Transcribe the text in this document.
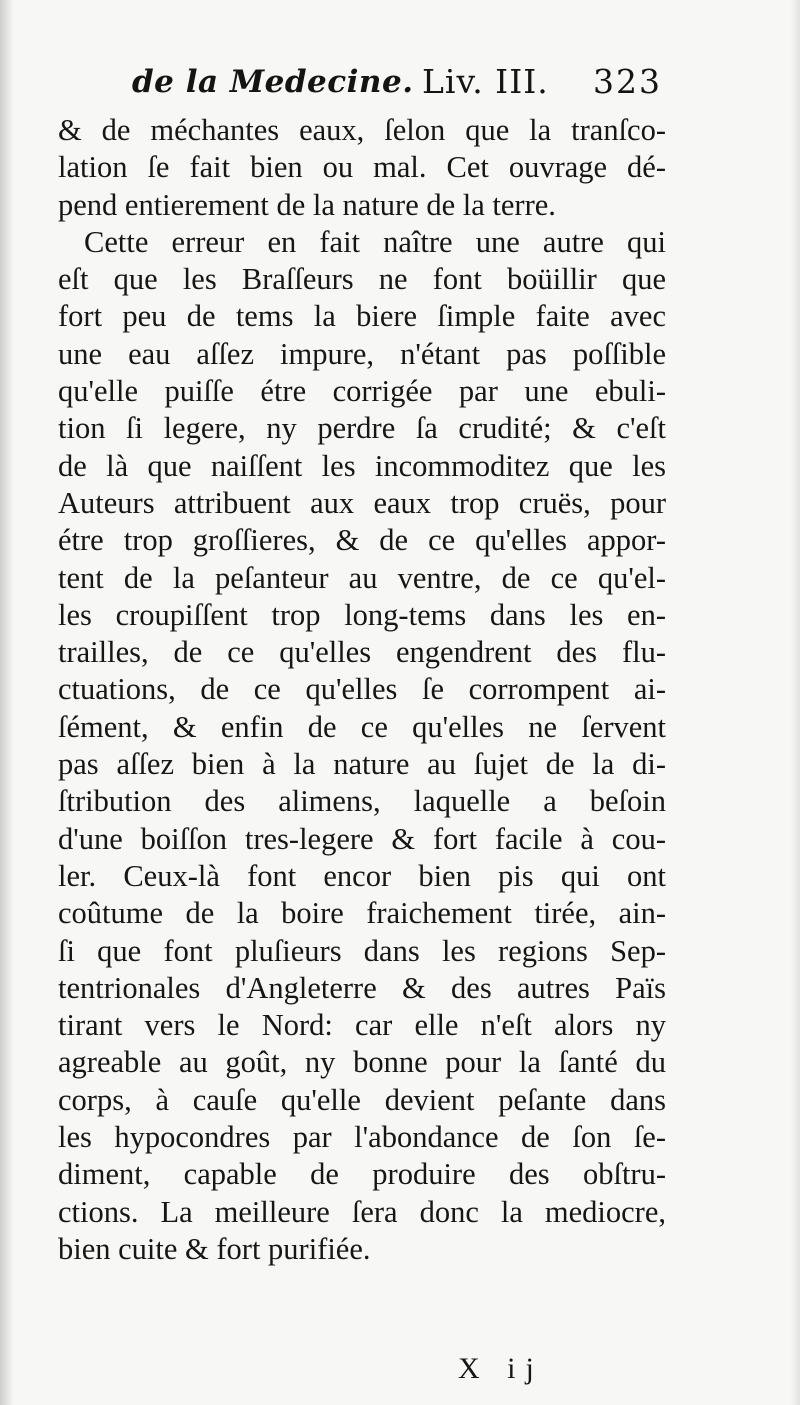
de la Medecine. Liv. III. 323
& de méchantes eaux, ſelon que la tranſco-
lation ſe fait bien ou mal. Cet ouvrage dé-
pend entierement de la nature de la terre.
Cette erreur en fait naître une autre qui
eſt que les Braſſeurs ne font boüillir que
fort peu de tems la biere ſimple faite avec
une eau aſſez impure, n'étant pas poſſible
qu'elle puiſſe étre corrigée par une ebuli-
tion ſi legere, ny perdre ſa crudité; & c'eſt
de là que naiſſent les incommoditez que les
Auteurs attribuent aux eaux trop cruës, pour
étre trop groſſieres, & de ce qu'elles appor-
tent de la peſanteur au ventre, de ce qu'el-
les croupiſſent trop long-tems dans les en-
trailles, de ce qu'elles engendrent des flu-
ctuations, de ce qu'elles ſe corrompent ai-
ſément, & enfin de ce qu'elles ne ſervent
pas aſſez bien à la nature au ſujet de la di-
ſtribution des alimens, laquelle a beſoin
d'une boiſſon tres-legere & fort facile à cou-
ler. Ceux-là font encor bien pis qui ont
coûtume de la boire fraichement tirée, ain-
ſi que font pluſieurs dans les regions Sep-
tentrionales d'Angleterre & des autres Païs
tirant vers le Nord: car elle n'eſt alors ny
agreable au goût, ny bonne pour la ſanté du
corps, à cauſe qu'elle devient peſante dans
les hypocondres par l'abondance de ſon ſe-
diment, capable de produire des obſtru-
ctions. La meilleure ſera donc la mediocre,
bien cuite & fort purifiée.
X ij
